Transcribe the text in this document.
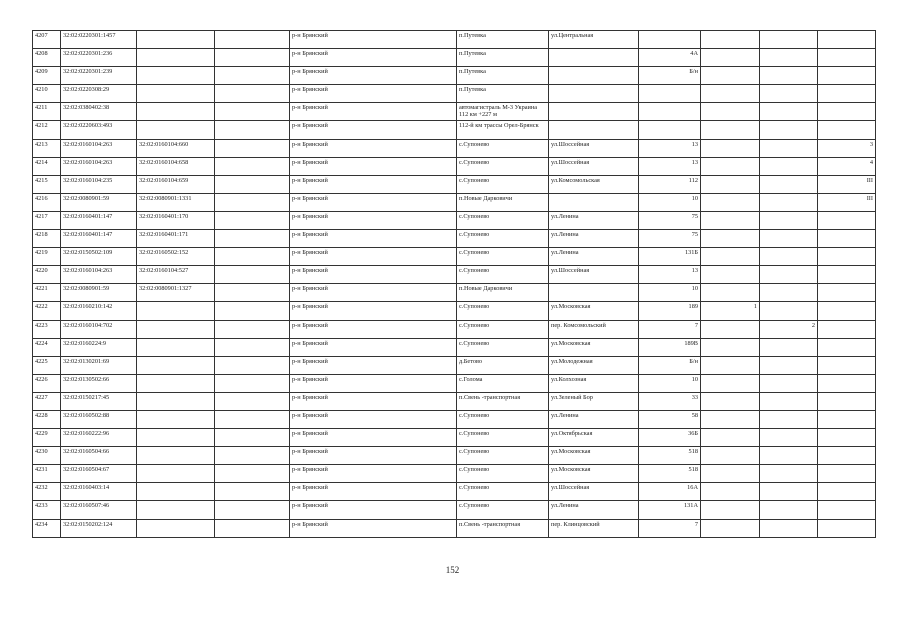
4207	32:02:0220301:1457			р-н Брянский	п.Путевка	ул.Центральная				
4208	32:02:0220301:236			р-н Брянский	п.Путевка		4А			
4209	32:02:0220301:239			р-н Брянский	п.Путевка		Б/н			
4210	32:02:0220308:29			р-н Брянский	п.Путевка					
4211	32:02:0380402:38			р-н Брянский	автомагистраль М-3 Украина 112 км +227 м					
4212	32:02:0220603:493			р-н Брянский	112-й км трассы Орел-Брянск					
4213	32:02:0160104:263	32:02:0160104:660		р-н Брянский	с.Супонево	ул.Шоссейная	13			3
4214	32:02:0160104:263	32:02:0160104:658		р-н Брянский	с.Супонево	ул.Шоссейная	13			4
4215	32:02:0160104:235	32:02:0160104:659		р-н Брянский	с.Супонево	ул.Комсомольская	112			III
4216	32:02:0080901:59	32:02:0080901:1331		р-н Брянский	п.Новые Дарковичи		10			III
4217	32:02:0160401:147	32:02:0160401:170		р-н Брянский	с.Супонево	ул.Ленина	75			
4218	32:02:0160401:147	32:02:0160401:171		р-н Брянский	с.Супонево	ул.Ленина	75			
4219	32:02:0150502:109	32:02:0160502:152		р-н Брянский	с.Супонево	ул.Ленина	131Б			
4220	32:02:0160104:263	32:02:0160104:527		р-н Брянский	с.Супонево	ул.Шоссейная	13			
4221	32:02:0080901:59	32:02:0080901:1327		р-н Брянский	п.Новые Дарковичи		10			
4222	32:02:0160210:142			р-н Брянский	с.Супонево	ул.Московская	189	1		
4223	32:02:0160104:702			р-н Брянский	с.Супонево	пер. Комсомольский	7		2	
4224	32:02:0160224:9			р-н Брянский	с.Супонево	ул.Московская	189В			
4225	32:02:0130201:69			р-н Брянский	д.Бетово	ул.Молодежная	Б/н			
4226	32:02:0130502:66			р-н Брянский	с.Голома	ул.Колхозная	10			
4227	32:02:0150217:45			р-н Брянский	п.Свень -транспортная	ул.Зеленый Бор	33			
4228	32:02:0160502:88			р-н Брянский	с.Супонево	ул.Ленина	58			
4229	32:02:0160222:96			р-н Брянский	с.Супонево	ул.Октябрьская	36Б			
4230	32:02:0160504:66			р-н Брянский	с.Супонево	ул.Московская	518			
4231	32:02:0160504:67			р-н Брянский	с.Супонево	ул.Московская	518			
4232	32:02:0160403:14			р-н Брянский	с.Супонево	ул.Шоссейная	16А			
4233	32:02:0160507:46			р-н Брянский	с.Супонево	ул.Ленина	131А			
4234	32:02:0150202:124			р-н Брянский	п.Свень -транспортная	пер. Клинцовский	7			
152
